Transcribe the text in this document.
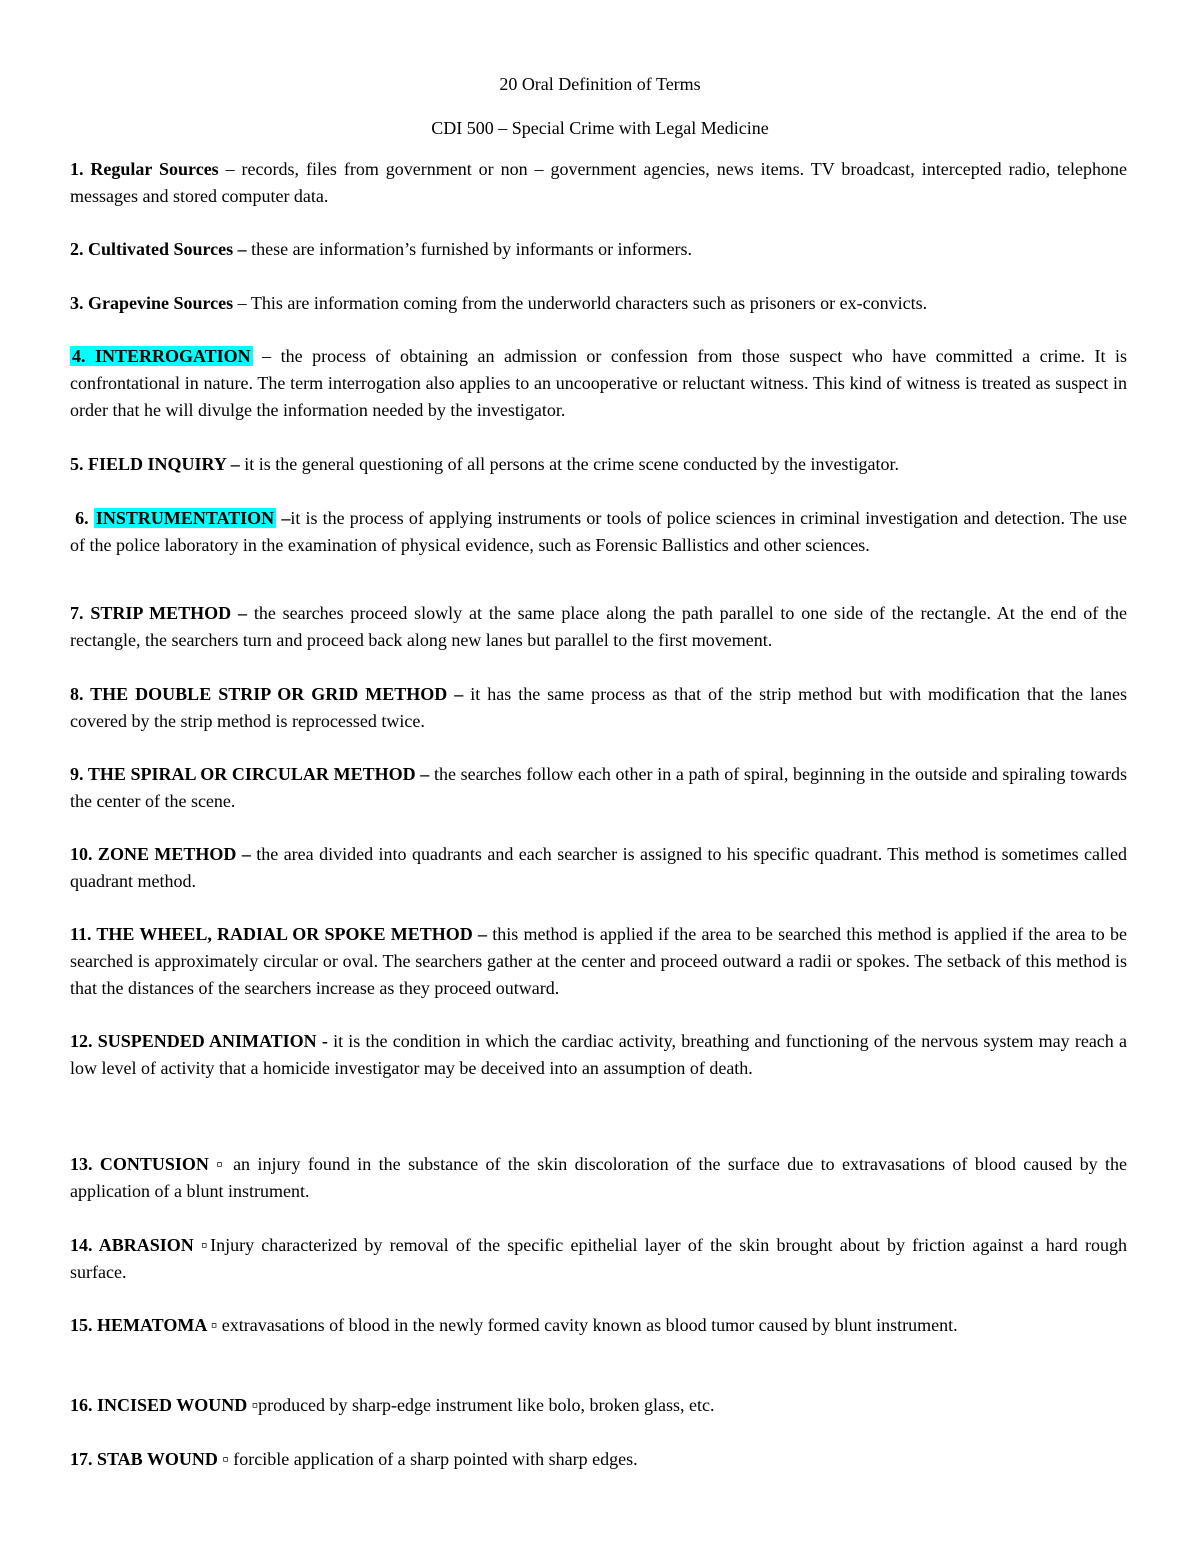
20 Oral Definition of Terms

CDI 500 – Special Crime with Legal Medicine

1. Regular Sources – records, files from government or non – government agencies, news items. TV broadcast, intercepted radio, telephone messages and stored computer data.

2. Cultivated Sources – these are information’s furnished by informants or informers.

3. Grapevine Sources – This are information coming from the underworld characters such as prisoners or ex-convicts.

4. INTERROGATION – the process of obtaining an admission or confession from those suspect who have committed a crime. It is confrontational in nature. The term interrogation also applies to an uncooperative or reluctant witness. This kind of witness is treated as suspect in order that he will divulge the information needed by the investigator.

5. FIELD INQUIRY – it is the general questioning of all persons at the crime scene conducted by the investigator.

6. INSTRUMENTATION –it is the process of applying instruments or tools of police sciences in criminal investigation and detection. The use of the police laboratory in the examination of physical evidence, such as Forensic Ballistics and other sciences.

7. STRIP METHOD – the searches proceed slowly at the same place along the path parallel to one side of the rectangle. At the end of the rectangle, the searchers turn and proceed back along new lanes but parallel to the first movement.

8. THE DOUBLE STRIP OR GRID METHOD – it has the same process as that of the strip method but with modification that the lanes covered by the strip method is reprocessed twice.

9. THE SPIRAL OR CIRCULAR METHOD – the searches follow each other in a path of spiral, beginning in the outside and spiraling towards the center of the scene.

10. ZONE METHOD – the area divided into quadrants and each searcher is assigned to his specific quadrant. This method is sometimes called quadrant method.

11. THE WHEEL, RADIAL OR SPOKE METHOD – this method is applied if the area to be searched this method is applied if the area to be searched is approximately circular or oval. The searchers gather at the center and proceed outward a radii or spokes. The setback of this method is that the distances of the searchers increase as they proceed outward.

12. SUSPENDED ANIMATION - it is the condition in which the cardiac activity, breathing and functioning of the nervous system may reach a low level of activity that a homicide investigator may be deceived into an assumption of death.

13. CONTUSION ▫ an injury found in the substance of the skin discoloration of the surface due to extravasations of blood caused by the application of a blunt instrument.

14. ABRASION ▫Injury characterized by removal of the specific epithelial layer of the skin brought about by friction against a hard rough surface.

15. HEMATOMA ▫ extravasations of blood in the newly formed cavity known as blood tumor caused by blunt instrument.

16. INCISED WOUND ▫produced by sharp-edge instrument like bolo, broken glass, etc.

17. STAB WOUND ▫ forcible application of a sharp pointed with sharp edges.
